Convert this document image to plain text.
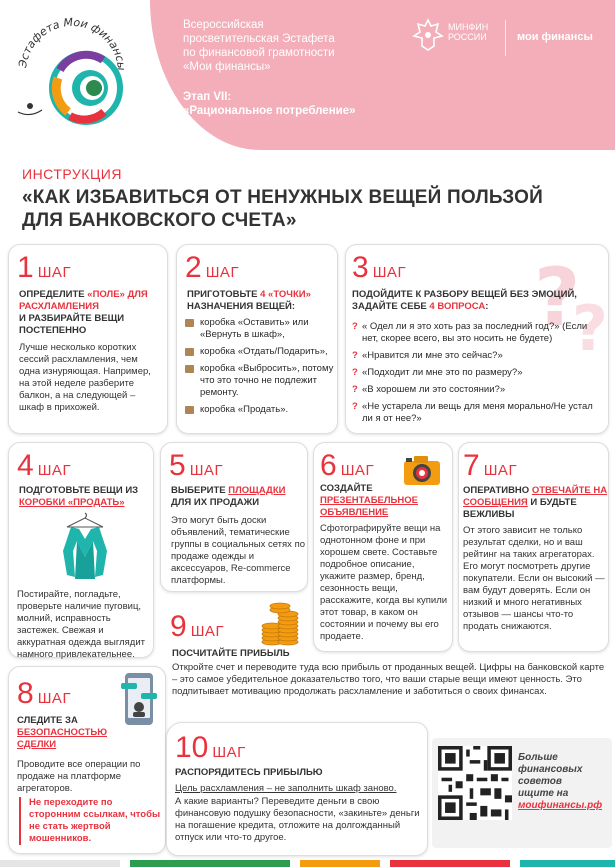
Эстафета Мои финансы
Всероссийская
просветительская Эстафета
по финансовой грамотности
«Мои финансы»
Этап VII:
«Рациональное потребление»
МИНФИН
РОССИИ	мои финансы
ИНСТРУКЦИЯ
«КАК ИЗБАВИТЬСЯ ОТ НЕНУЖНЫХ ВЕЩЕЙ ПОЛЬЗОЙ
ДЛЯ БАНКОВСКОГО СЧЕТА»
1 ШАГ
ОПРЕДЕЛИТЕ «ПОЛЕ» ДЛЯ РАСХЛАМЛЕНИЯ
И РАЗБИРАЙТЕ ВЕЩИ ПОСТЕПЕННО
Лучше несколько коротких сессий расхламления, чем одна изнуряющая. Например, на этой неделе разберите балкон, а на следующей – шкаф в прихожей.
2 ШАГ
ПРИГОТОВЬТЕ 4 «ТОЧКИ»
НАЗНАЧЕНИЯ ВЕЩЕЙ:
коробка «Оставить» или «Вернуть в шкаф»,
коробка «Отдать/Подарить»,
коробка «Выбросить», потому что это точно не подлежит ремонту.
коробка «Продать».
?
?
3 ШАГ
ПОДОЙДИТЕ К РАЗБОРУ ВЕЩЕЙ БЕЗ ЭМОЦИЙ, ЗАДАЙТЕ СЕБЕ 4 ВОПРОСА:
? « Одел ли я это хоть раз за последний год?» (Если нет, скорее всего, вы это носить не будете)
? «Нравится ли мне это сейчас?»
? «Подходит ли мне это по размеру?»
? «В хорошем ли это состоянии?»
? «Не устарела ли вещь для меня морально/Не устал ли я от нее?»
4 ШАГ
ПОДГОТОВЬТЕ ВЕЩИ ИЗ КОРОБКИ «ПРОДАТЬ»
Постирайте, погладьте, проверьте наличие пуговиц, молний, исправность застежек. Свежая и аккуратная одежда выглядит намного привлекательнее.
5 ШАГ
ВЫБЕРИТЕ ПЛОЩАДКИ
ДЛЯ ИХ ПРОДАЖИ
Это могут быть доски объявлений, тематические группы в социальных сетях по продаже одежды и аксессуаров, Re-commerce платформы.
6 ШАГ
СОЗДАЙТЕ ПРЕЗЕНТАБЕЛЬНОЕ ОБЪЯВЛЕНИЕ
Сфотографируйте вещи на однотонном фоне и при хорошем свете. Составьте подробное описание, укажите размер, бренд, сезонность вещи, расскажите, когда вы купили этот товар, в каком он состоянии и почему вы его продаете.
7 ШАГ
ОПЕРАТИВНО ОТВЕЧАЙТЕ НА СООБЩЕНИЯ И БУДЬТЕ ВЕЖЛИВЫ
От этого зависит не только результат сделки, но и ваш рейтинг на таких агрегаторах. Его могут посмотреть другие покупатели. Если он высокий — вам будут доверять. Если он низкий и много негативных отзывов — шансы что-то продать снижаются.
9 ШАГ
ПОСЧИТАЙТЕ ПРИБЫЛЬ
Откройте счет и переводите туда всю прибыль от проданных вещей. Цифры на банковской карте – это самое убедительное доказательство того, что ваши старые вещи имеют ценность. Это подпитывает мотивацию продолжать расхламление и заботиться о своих финансах.
8 ШАГ
СЛЕДИТЕ ЗА БЕЗОПАСНОСТЬЮ СДЕЛКИ
Проводите все операции по продаже на платформе агрегаторов.
Не переходите по сторонним ссылкам, чтобы не стать жертвой мошенников.
10 ШАГ
РАСПОРЯДИТЕСЬ ПРИБЫЛЬЮ
Цель расхламления – не заполнить шкаф заново.
А какие варианты? Переведите деньги в свою финансовую подушку безопасности, «закиньте» деньги на погашение кредита, отложите на долгожданный отпуск или что-то другое.
Больше
финансовых
советов
ищите на
моифинансы.рф
